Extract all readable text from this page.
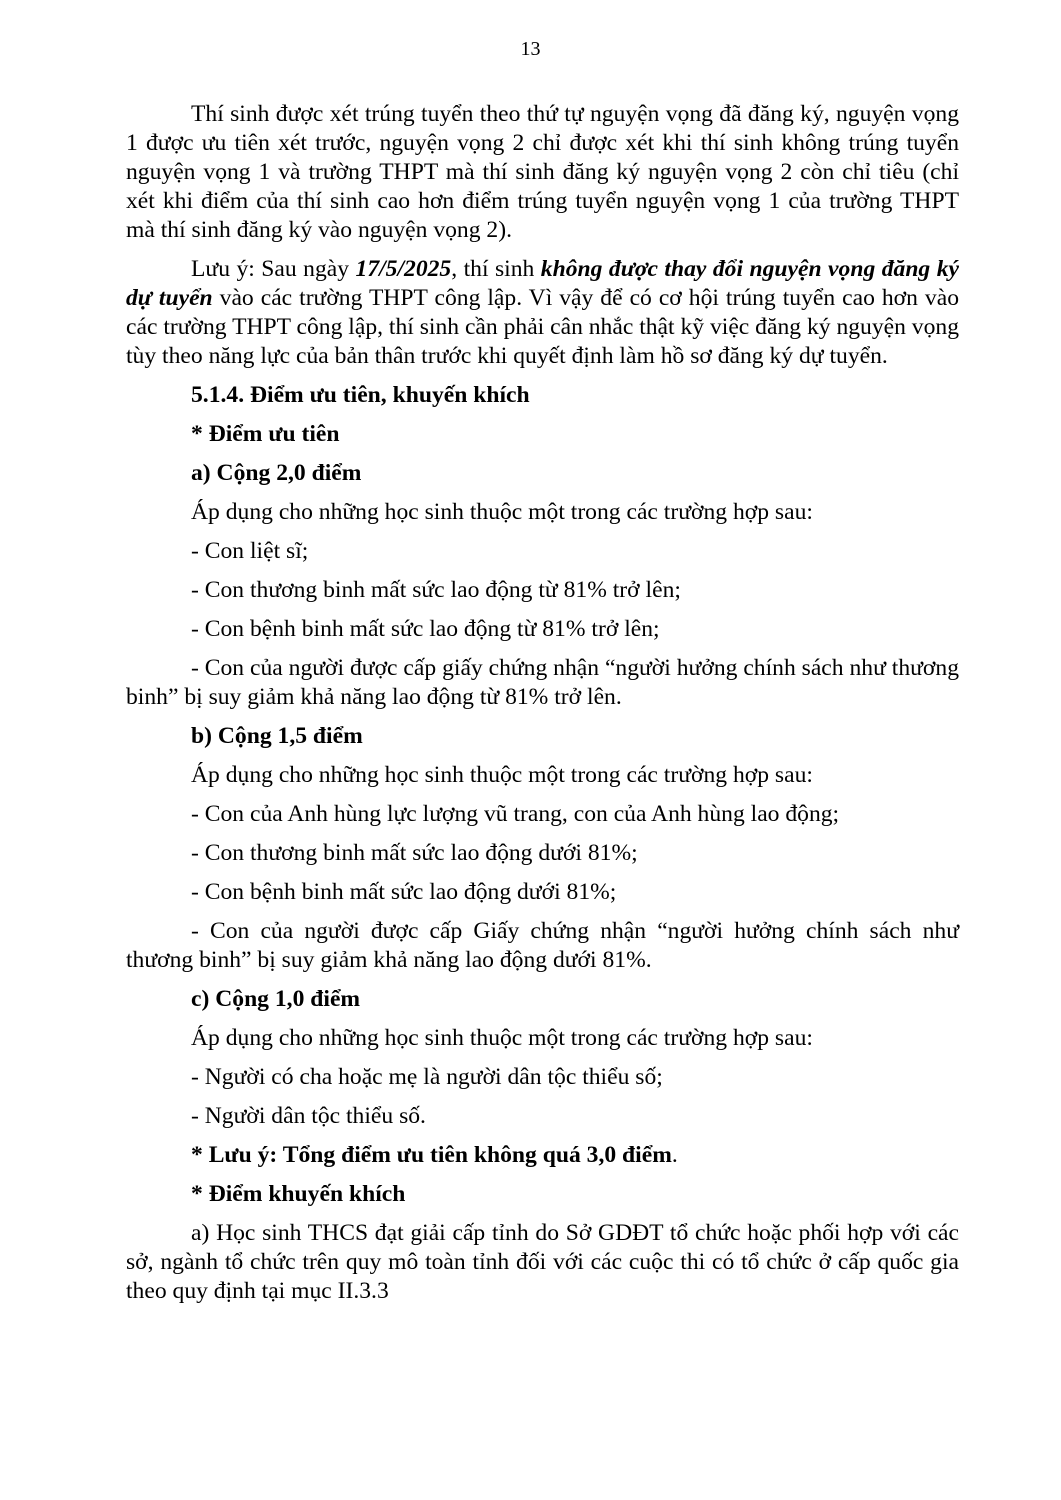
13

Thí sinh được xét trúng tuyển theo thứ tự nguyện vọng đã đăng ký, nguyện vọng 1 được ưu tiên xét trước, nguyện vọng 2 chỉ được xét khi thí sinh không trúng tuyển nguyện vọng 1 và trường THPT mà thí sinh đăng ký nguyện vọng 2 còn chỉ tiêu (chỉ xét khi điểm của thí sinh cao hơn điểm trúng tuyển nguyện vọng 1 của trường THPT mà thí sinh đăng ký vào nguyện vọng 2).

Lưu ý: Sau ngày 17/5/2025, thí sinh không được thay đổi nguyện vọng đăng ký dự tuyển vào các trường THPT công lập. Vì vậy để có cơ hội trúng tuyển cao hơn vào các trường THPT công lập, thí sinh cần phải cân nhắc thật kỹ việc đăng ký nguyện vọng tùy theo năng lực của bản thân trước khi quyết định làm hồ sơ đăng ký dự tuyển.

5.1.4. Điểm ưu tiên, khuyến khích

* Điểm ưu tiên

a) Cộng 2,0 điểm

Áp dụng cho những học sinh thuộc một trong các trường hợp sau:

- Con liệt sĩ;

- Con thương binh mất sức lao động từ 81% trở lên;

- Con bệnh binh mất sức lao động từ 81% trở lên;

- Con của người được cấp giấy chứng nhận “người hưởng chính sách như thương binh” bị suy giảm khả năng lao động từ 81% trở lên.

b) Cộng 1,5 điểm

Áp dụng cho những học sinh thuộc một trong các trường hợp sau:

- Con của Anh hùng lực lượng vũ trang, con của Anh hùng lao động;

- Con thương binh mất sức lao động dưới 81%;

- Con bệnh binh mất sức lao động dưới 81%;

- Con của người được cấp Giấy chứng nhận “người hưởng chính sách như thương binh” bị suy giảm khả năng lao động dưới 81%.

c) Cộng 1,0 điểm

Áp dụng cho những học sinh thuộc một trong các trường hợp sau:

- Người có cha hoặc mẹ là người dân tộc thiểu số;

- Người dân tộc thiểu số.

* Lưu ý: Tổng điểm ưu tiên không quá 3,0 điểm.

* Điểm khuyến khích

a) Học sinh THCS đạt giải cấp tỉnh do Sở GDĐT tổ chức hoặc phối hợp với các sở, ngành tổ chức trên quy mô toàn tỉnh đối với các cuộc thi có tổ chức ở cấp quốc gia theo quy định tại mục II.3.3
